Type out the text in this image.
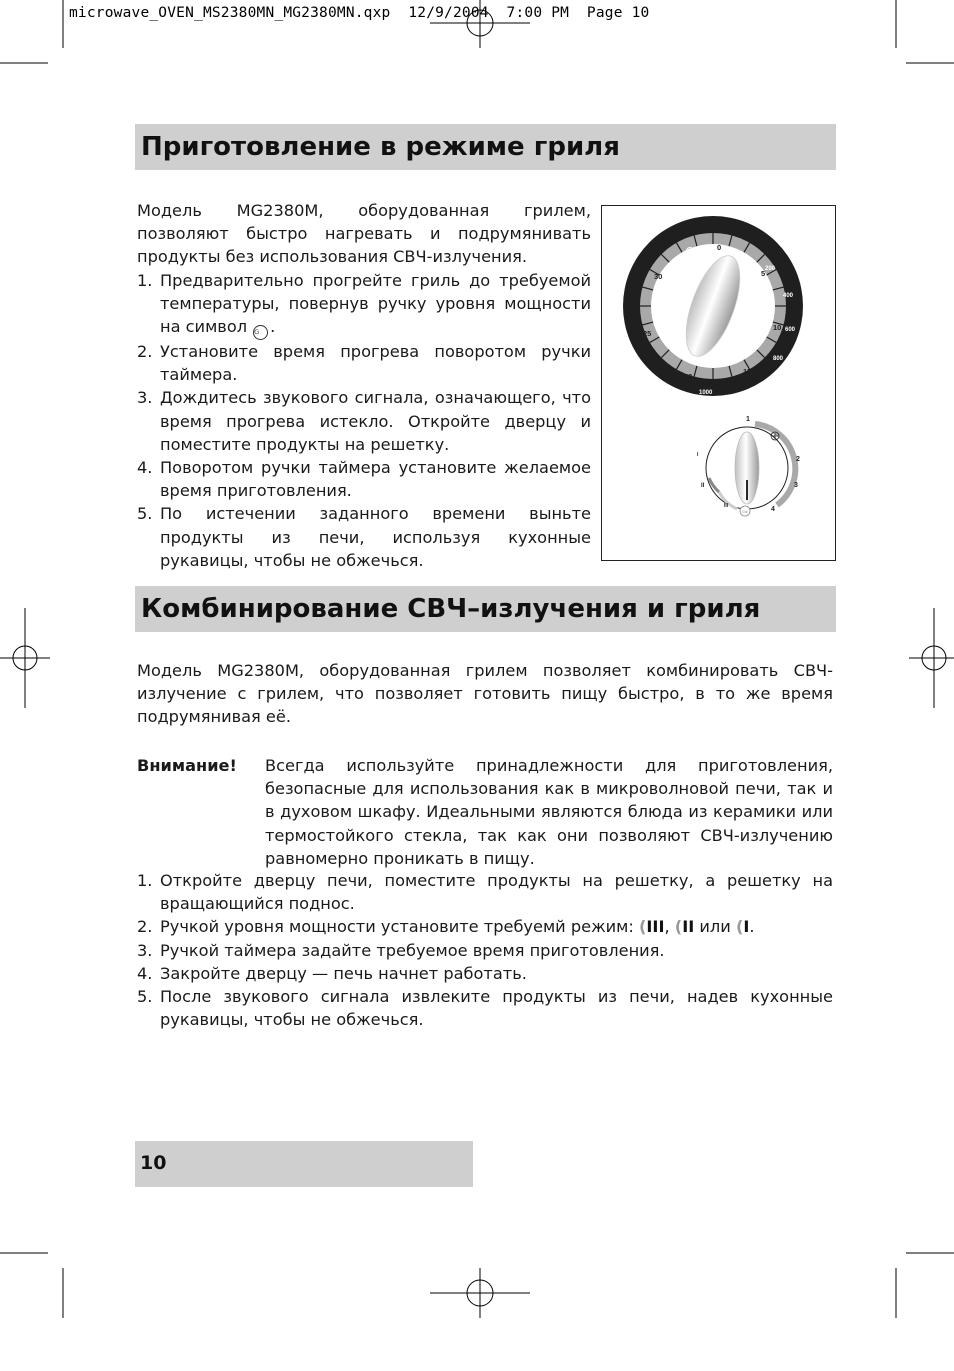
microwave_OVEN_MS2380MN_MG2380MN.qxp  12/9/2004  7:00 PM  Page 10
Приготовление в режиме гриля

Модель MG2380M, оборудованная грилем, позволяют быстро нагревать и подрумянивать продукты без использования СВЧ-излучения.

1. Предварительно прогрейте гриль до требуемой температуры, повернув ручку уровня мощности на символ G .
2. Установите время прогрева поворотом ручки таймера.
3. Дождитесь звукового сигнала, означающего, что время прогрева истекло. Откройте дверцу и поместите продукты на решетку.
4. Поворотом ручки таймера установите желаемое время приготовления.
5. По истечении заданного времени выньте продукты из печи, используя кухонные рукавицы, чтобы не обжечься.
0
5
10
15
20
25
30
200
400
600
800
1000
Min
1
2
3
4
I
II
III
Gril
Комбинирование СВЧ–излучения и гриля

Модель MG2380M, оборудованная грилем позволяет комбинировать СВЧ-излучение с грилем, что позволяет готовить пищу быстро, в то же время подрумянивая её.

Внимание! Всегда используйте принадлежности для приготовления, безопасные для использования как в микроволновой печи, так и в духовом шкафу. Идеальными являются блюда из керамики или термостойкого стекла, так как они позволяют СВЧ-излучению равномерно проникать в пищу.

1. Откройте дверцу печи, поместите продукты на решетку, а решетку на вращающийся поднос.
2. Ручкой уровня мощности установите требуемй режим: (III, (II или (I.
3. Ручкой таймера задайте требуемое время приготовления.
4. Закройте дверцу — печь начнет работать.
5. После звукового сигнала извлеките продукты из печи, надев кухонные рукавицы, чтобы не обжечься.
10
